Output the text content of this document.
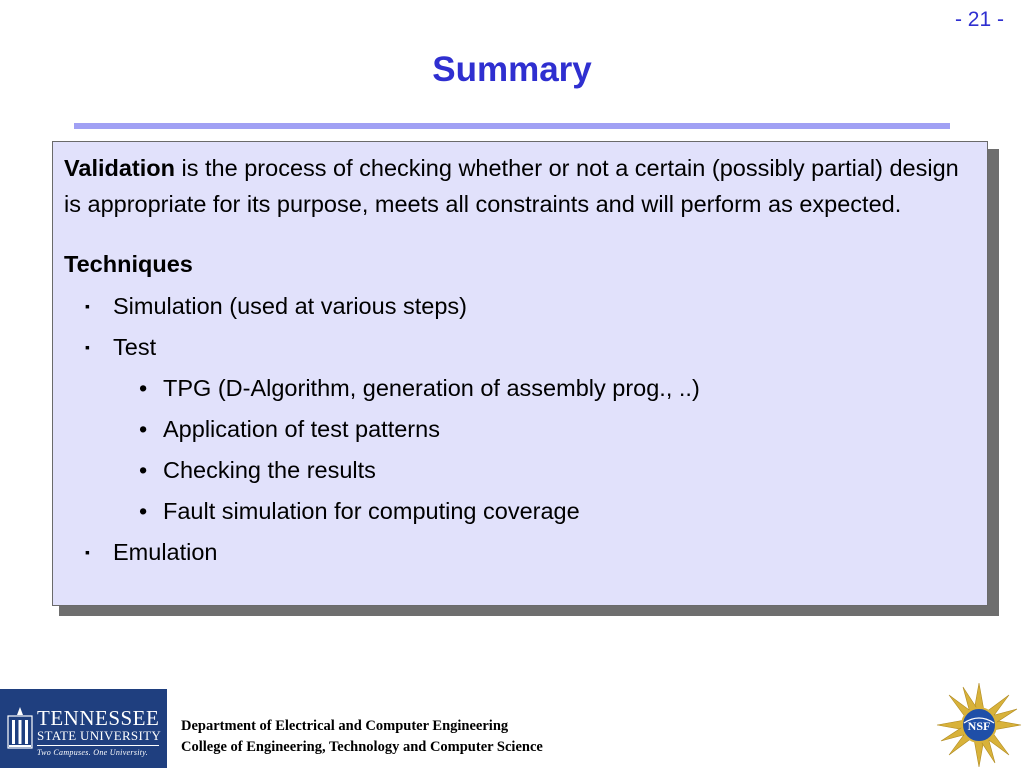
- 21 -
Summary

Validation is the process of checking whether or not a certain (possibly partial) design is appropriate for its purpose, meets all constraints and will perform as expected.

Techniques
▪ Simulation (used at various steps)
▪ Test
• TPG (D-Algorithm, generation of assembly prog., ..)
• Application of test patterns
• Checking the results
• Fault simulation for computing coverage
▪ Emulation
TENNESSEE
STATE UNIVERSITY
Two Campuses. One University.
Department of Electrical and Computer Engineering
College of Engineering, Technology and Computer Science
NSF
